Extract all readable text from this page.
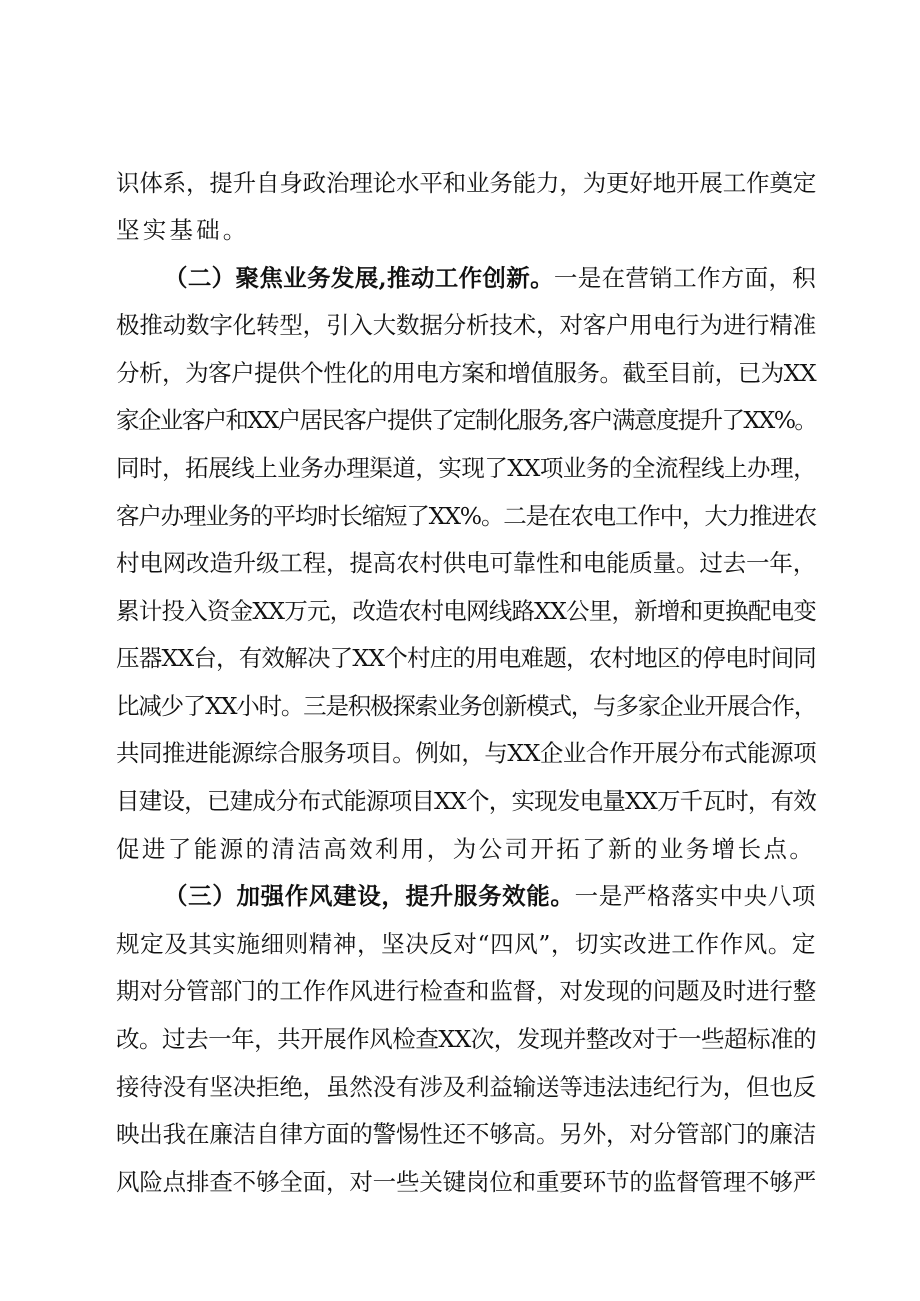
识体系，提升自身政治理论水平和业务能力，为更好地开展工作奠定
坚实基础。
（二）聚焦业务发展,推动工作创新。一是在营销工作方面，积
极推动数字化转型，引入大数据分析技术，对客户用电行为进行精准
分析，为客户提供个性化的用电方案和增值服务。截至目前，已为XX
家企业客户和XX户居民客户提供了定制化服务,客户满意度提升了XX%。
同时，拓展线上业务办理渠道，实现了XX项业务的全流程线上办理，
客户办理业务的平均时长缩短了XX%。二是在农电工作中，大力推进农
村电网改造升级工程，提高农村供电可靠性和电能质量。过去一年，
累计投入资金XX万元，改造农村电网线路XX公里，新增和更换配电变
压器XX台，有效解决了XX个村庄的用电难题，农村地区的停电时间同
比减少了XX小时。三是积极探索业务创新模式，与多家企业开展合作，
共同推进能源综合服务项目。例如，与XX企业合作开展分布式能源项
目建设，已建成分布式能源项目XX个，实现发电量XX万千瓦时，有效
促进了能源的清洁高效利用，为公司开拓了新的业务增长点。
（三）加强作风建设，提升服务效能。一是严格落实中央八项
规定及其实施细则精神，坚决反对“四风”，切实改进工作作风。定
期对分管部门的工作作风进行检查和监督，对发现的问题及时进行整
改。过去一年，共开展作风检查XX次，发现并整改对于一些超标准的
接待没有坚决拒绝，虽然没有涉及利益输送等违法违纪行为，但也反
映出我在廉洁自律方面的警惕性还不够高。另外，对分管部门的廉洁
风险点排查不够全面，对一些关键岗位和重要环节的监督管理不够严
